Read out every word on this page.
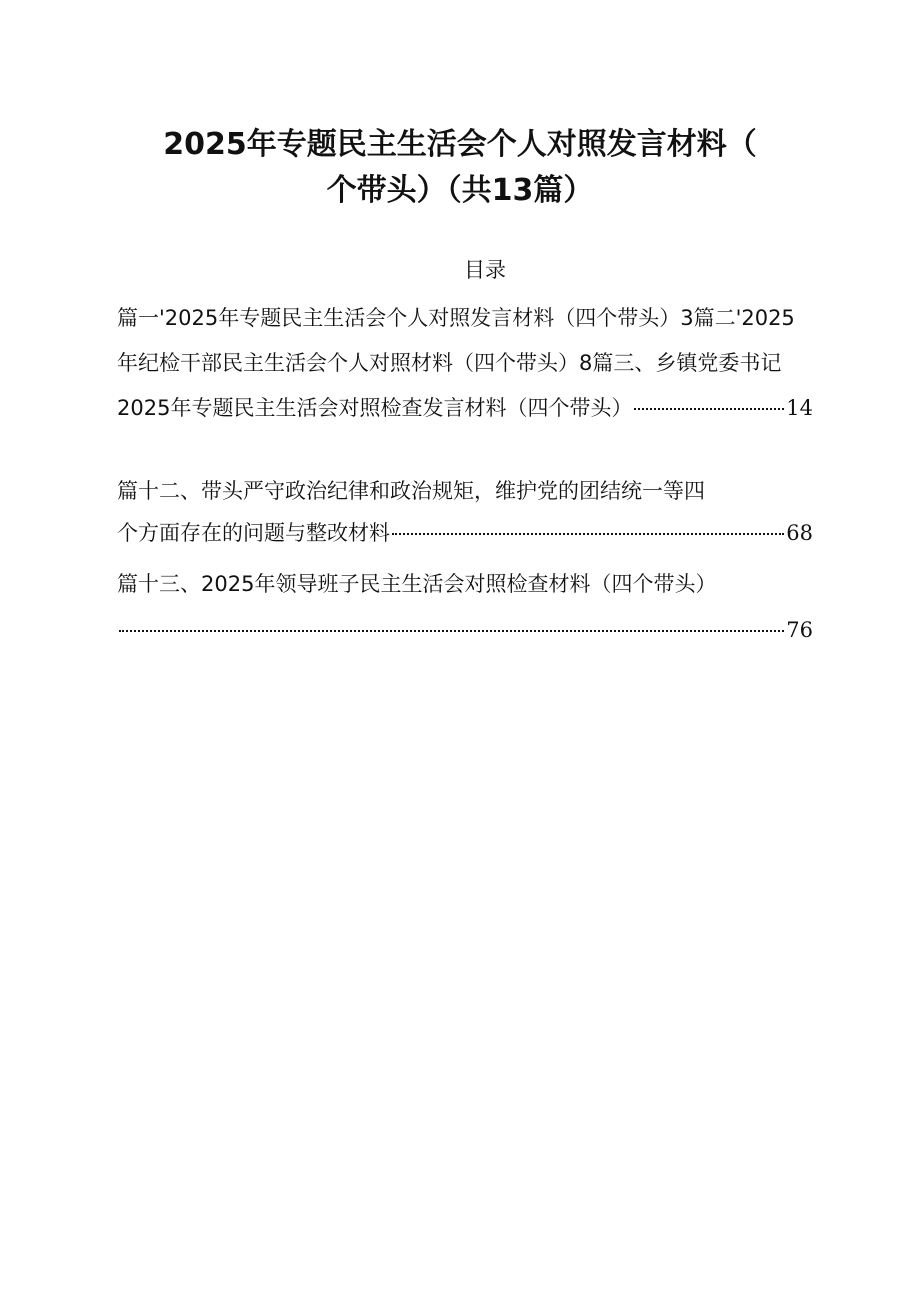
2025年专题民主生活会个人对照发言材料（
个带头）（共13篇）
目录
篇一'2025年专题民主生活会个人对照发言材料（四个带头）3篇二'2025
年纪检干部民主生活会个人对照材料（四个带头）8篇三、乡镇党委书记
2025年专题民主生活会对照检查发言材料（四个带头）	14
篇十二、带头严守政治纪律和政治规矩，维护党的团结统一等四
个方面存在的问题与整改材料	68
篇十三、2025年领导班子民主生活会对照检查材料（四个带头）
76
